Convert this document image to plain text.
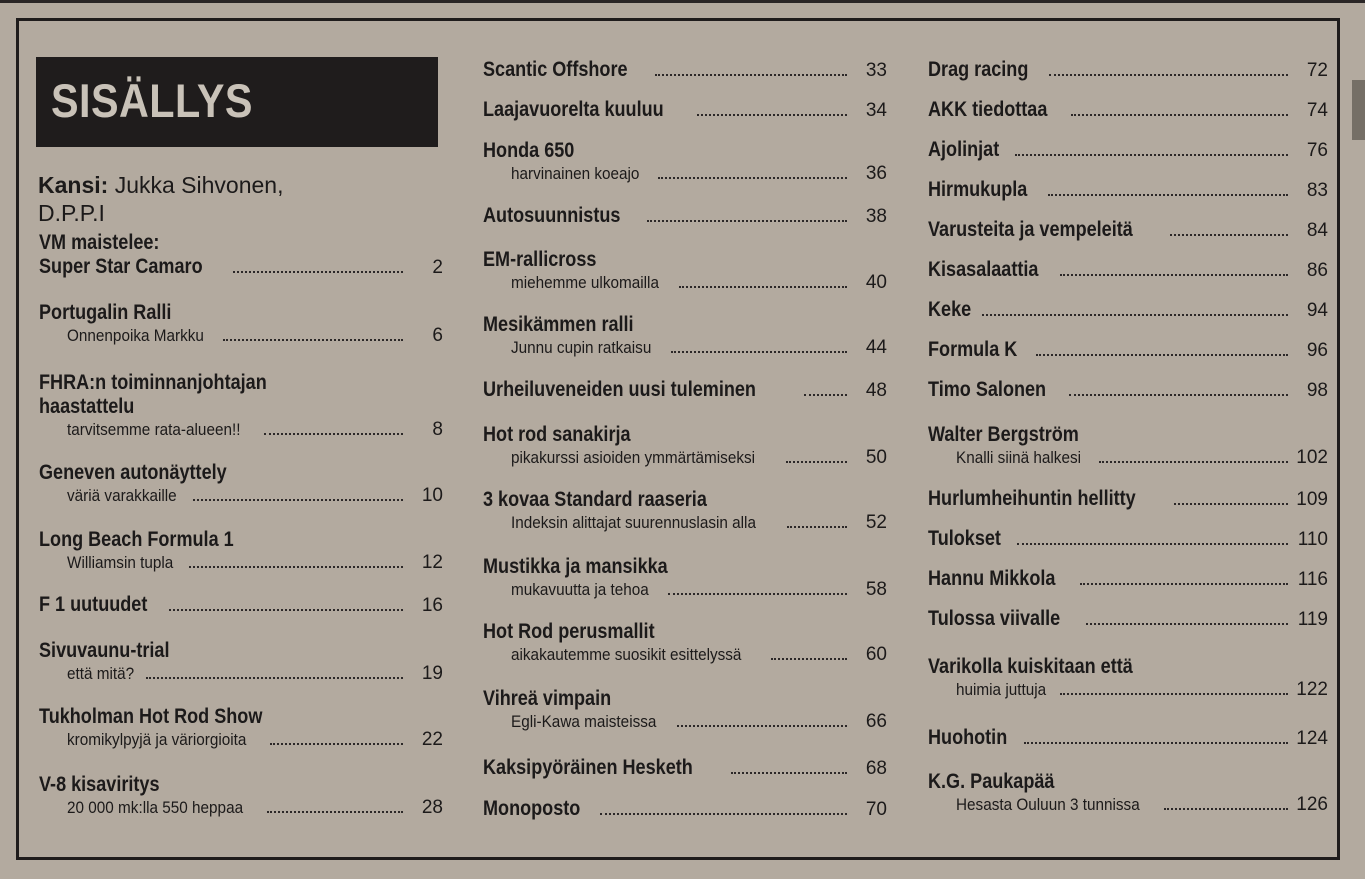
SISÄLLYS
Kansi: Jukka Sihvonen,
D.P.P.I
VM maistelee:
Super Star Camaro	2
Portugalin Ralli
Onnenpoika Markku	6
FHRA:n toiminnanjohtajan
haastattelu
tarvitsemme rata-alueen!!	8
Geneven autonäyttely
väriä varakkaille	10
Long Beach Formula 1
Williamsin tupla	12
F 1 uutuudet	16
Sivuvaunu-trial
että mitä?	19
Tukholman Hot Rod Show
kromikylpyjä ja väriorgioita	22
V-8 kisaviritys
20 000 mk:lla 550 heppaa	28
Scantic Offshore	33
Laajavuorelta kuuluu	34
Honda 650
harvinainen koeajo	36
Autosuunnistus	38
EM-rallicross
miehemme ulkomailla	40
Mesikämmen ralli
Junnu cupin ratkaisu	44
Urheiluveneiden uusi tuleminen	48
Hot rod sanakirja
pikakurssi asioiden ymmärtämiseksi	50
3 kovaa Standard raaseria
Indeksin alittajat suurennuslasin alla	52
Mustikka ja mansikka
mukavuutta ja tehoa	58
Hot Rod perusmallit
aikakautemme suosikit esittelyssä	60
Vihreä vimpain
Egli-Kawa maisteissa	66
Kaksipyöräinen Hesketh	68
Monoposto	70
Drag racing	72
AKK tiedottaa	74
Ajolinjat	76
Hirmukupla	83
Varusteita ja vempeleitä	84
Kisasalaattia	86
Keke	94
Formula K	96
Timo Salonen	98
Walter Bergström
Knalli siinä halkesi	102
Hurlumheihuntin hellitty	109
Tulokset	110
Hannu Mikkola	116
Tulossa viivalle	119
Varikolla kuiskitaan että
huimia juttuja	122
Huohotin	124
K.G. Paukapää
Hesasta Ouluun 3 tunnissa	126
